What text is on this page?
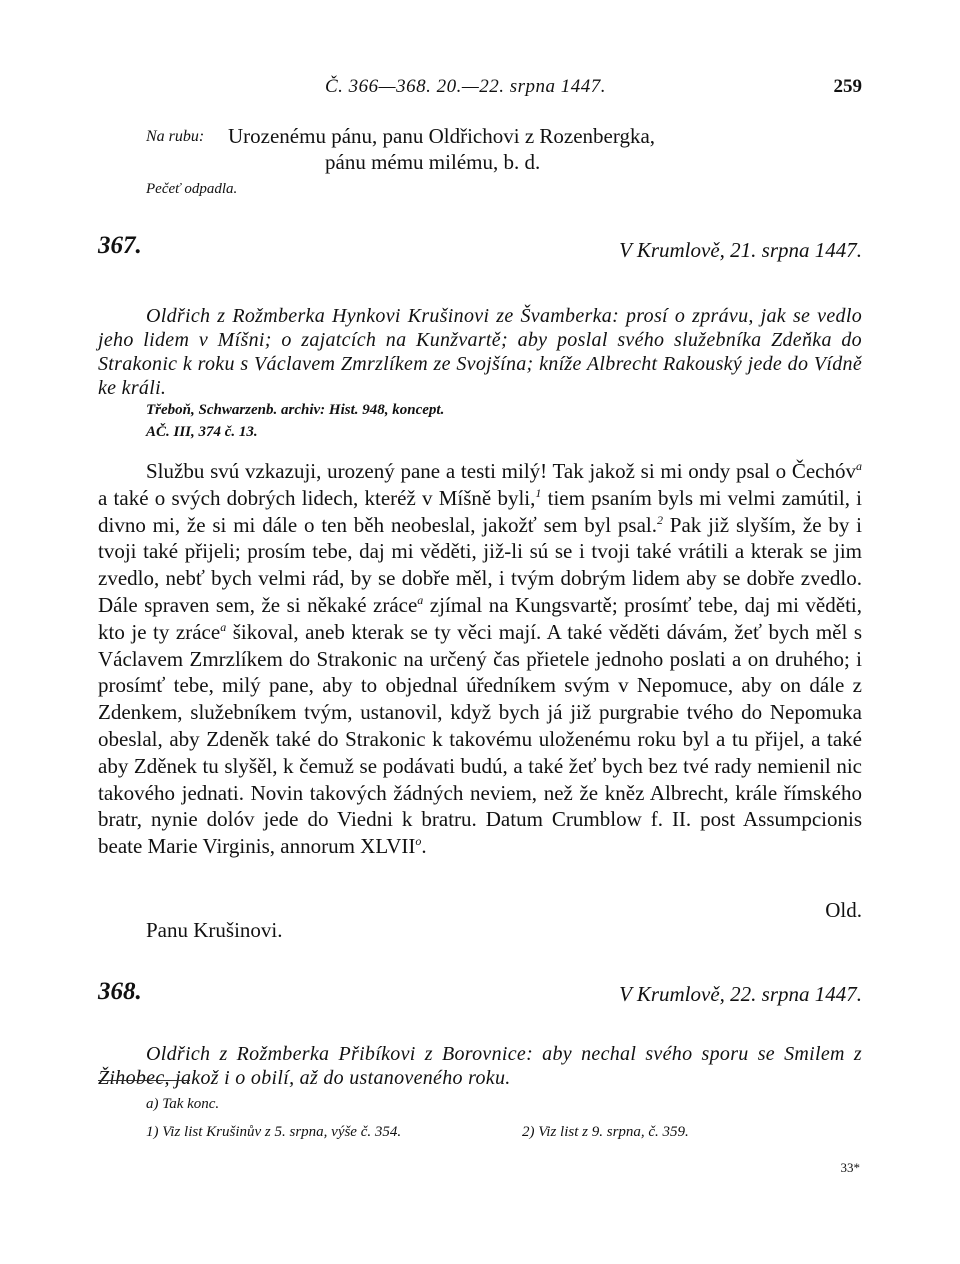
Č. 366—368. 20.—22. srpna 1447.	259
Na rubu: Urozenému pánu, panu Oldřichovi z Rozenbergka,
pánu mému milému, b. d.
Pečeť odpadla.
367.	V Krumlově, 21. srpna 1447.

Oldřich z Rožmberka Hynkovi Krušinovi ze Švamberka: prosí o zprávu, jak se vedlo jeho lidem v Míšni; o zajatcích na Kunžvartě; aby poslal svého služebníka Zdeňka do Strakonic k roku s Václavem Zmrzlíkem ze Svojšína; kníže Albrecht Rakouský jede do Vídně ke králi.

Třeboň, Schwarzenb. archiv: Hist. 948, koncept.
AČ. III, 374 č. 13.

Službu svú vzkazuji, urozený pane a testi milý! Tak jakož si mi ondy psal o Čechóv$^a$ a také o svých dobrých lidech, kteréž v Míšně byli,$^1$ tiem psaním byls mi velmi zamútil, i divno mi, že si mi dále o ten běh neobeslal, jakožť sem byl psal.$^2$ Pak již slyším, že by i tvoji také přijeli; prosím tebe, daj mi věděti, již-li sú se i tvoji také vrátili a kterak se jim zvedlo, nebť bych velmi rád, by se dobře měl, i tvým dobrým lidem aby se dobře zvedlo. Dále spraven sem, že si někaké zráce$^a$ zjímal na Kungsvartě; prosímť tebe, daj mi věděti, kto je ty zráce$^a$ šikoval, aneb kterak se ty věci mají. A také věděti dávám, žeť bych měl s Václavem Zmrzlíkem do Strakonic na určený čas přietele jednoho poslati a on druhého; i prosímť tebe, milý pane, aby to objednal úředníkem svým v Nepomuce, aby on dále z Zdenkem, služebníkem tvým, ustanovil, když bych já již purgrabie tvého do Nepomuka obeslal, aby Zdeněk také do Strakonic k takovému uloženému roku byl a tu přijel, a také aby Zděnek tu slyšěl, k čemuž se podávati budú, a také žeť bych bez tvé rady nemienil nic takového jednati. Novin takových žádných neviem, než že kněz Albrecht, krále římského bratr, nynie dolóv jede do Viedni k bratru. Datum Crumblow f. II. post Assumpcionis beate Marie Virginis, annorum XLVII$^o$.

Old.
Panu Krušinovi.
368.	V Krumlově, 22. srpna 1447.

Oldřich z Rožmberka Přibíkovi z Borovnice: aby nechal svého sporu se Smilem z Žihobec, jakož i o obilí, až do ustanoveného roku.

a) Tak konc.
1) Viz list Krušinův z 5. srpna, výše č. 354.	2) Viz list z 9. srpna, č. 359.
33*
